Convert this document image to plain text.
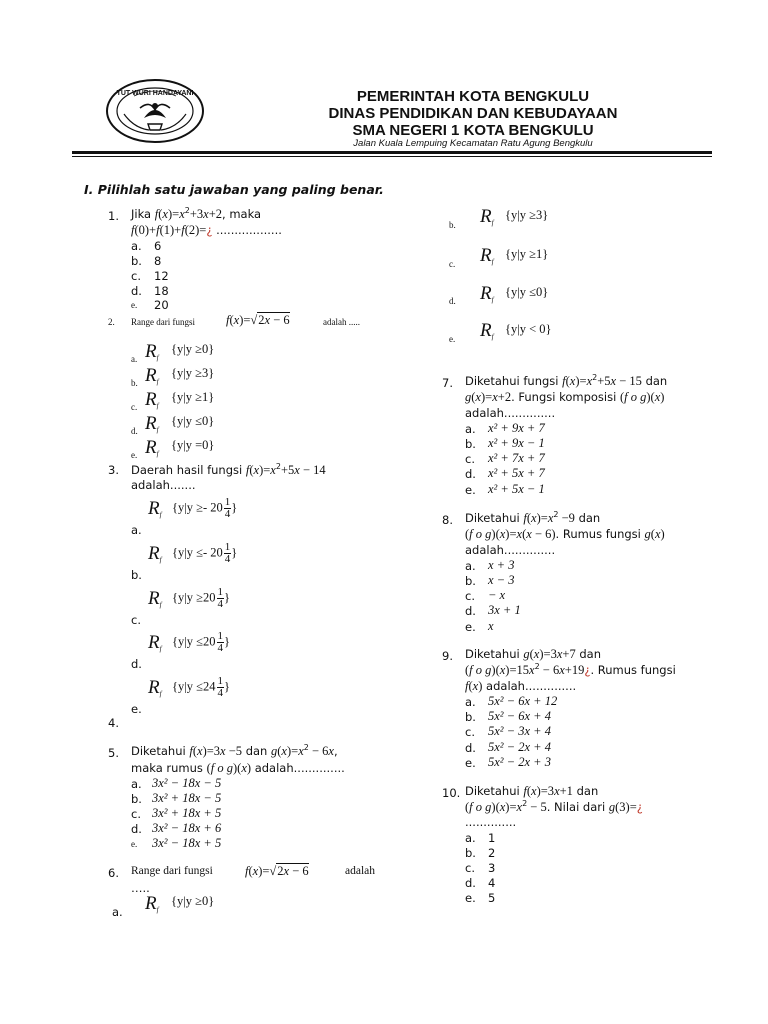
TUT WURI HANDAYANI	PEMERINTAH KOTA BENGKULU
DINAS PENDIDIKAN DAN KEBUDAYAAN
SMA NEGERI 1 KOTA BENGKULU
Jalan Kuala Lempuing Kecamatan Ratu Agung Bengkulu
I. Pilihlah satu jawaban yang paling benar.
1. Jika $f(x)=x^2+3x+2$, maka
f(0)+f(1)+f(2)=¿ ..................
a. 6
b. 8
c. 12
d. 18
e. 20
2. Range dari fungsi f(x)=√2x − 6	adalah .....
a. $R_f$
{y|y ≥0}
b. $R_f$
{y|y ≥3}
c. $R_f$
{y|y ≥1}
d. $R_f$
{y|y ≤0}
e. $R_f$
{y|y =0}
3. Daerah hasil fungsi $f(x)=x^2+5x - 14$
adalah.......
$R_f$
{$y|y \ge- 20 \frac{1}{4}$ }
a.
$R_f$
{$y|y \le- 20 \frac{1}{4}$ }
b.
$R_f$
{$y|y \ge 20 \frac{1}{4}$ }
c.
$R_f$
{$y|y \le 20 \frac{1}{4}$ }
d.
$R_f$
{$y|y \le 24 \frac{1}{4}$ }
e.
4.
5. Diketahui f(x)=3x −5 dan $g(x)=x^2 - 6x$,
maka rumus (f o g)(x) adalah..............
a. 3x² − 18x − 5
b. 3x² + 18x − 5
c. 3x² + 18x + 5
d. 3x² − 18x + 6
e. 3x² − 18x + 5
6. Range dari fungsi	f(x)=√2x − 6	adalah
…..
a. $R_f$
{y|y ≥0}
b. $R_f$
{y|y ≥3}
c. $R_f$
{y|y ≥1}
d. $R_f$
{y|y ≤0}
e. $R_f$
{y|y < 0}
7. Diketahui fungsi $f(x)=x^2+5x - 15$ dan
g(x)=x+2. Fungsi komposisi (f o g)(x)
adalah..............
a. x² + 9x + 7
b. x² + 9x − 1
c. x² + 7x + 7
d. x² + 5x + 7
e. x² + 5x − 1
8. Diketahui $f(x)=x^2 -9$ dan
(f o g)(x)=x(x − 6). Rumus fungsi g(x)
adalah..............
a. x + 3
b. x − 3
c. − x
d. 3x + 1
e. x
9. Diketahui g(x)=3x+7 dan
(f o $g)(x)=15x^2$ − 6x+19¿. Rumus fungsi
f(x) adalah..............
a. 5x² − 6x + 12
b. 5x² − 6x + 4
c. 5x² − 3x + 4
d. 5x² − 2x + 4
e. 5x² − 2x + 3
10. Diketahui f(x)=3x+1 dan
(f o $g)(x)=x^2 - 5$. Nilai dari g(3)=¿
..............
a. 1
b. 2
c. 3
d. 4
e. 5
